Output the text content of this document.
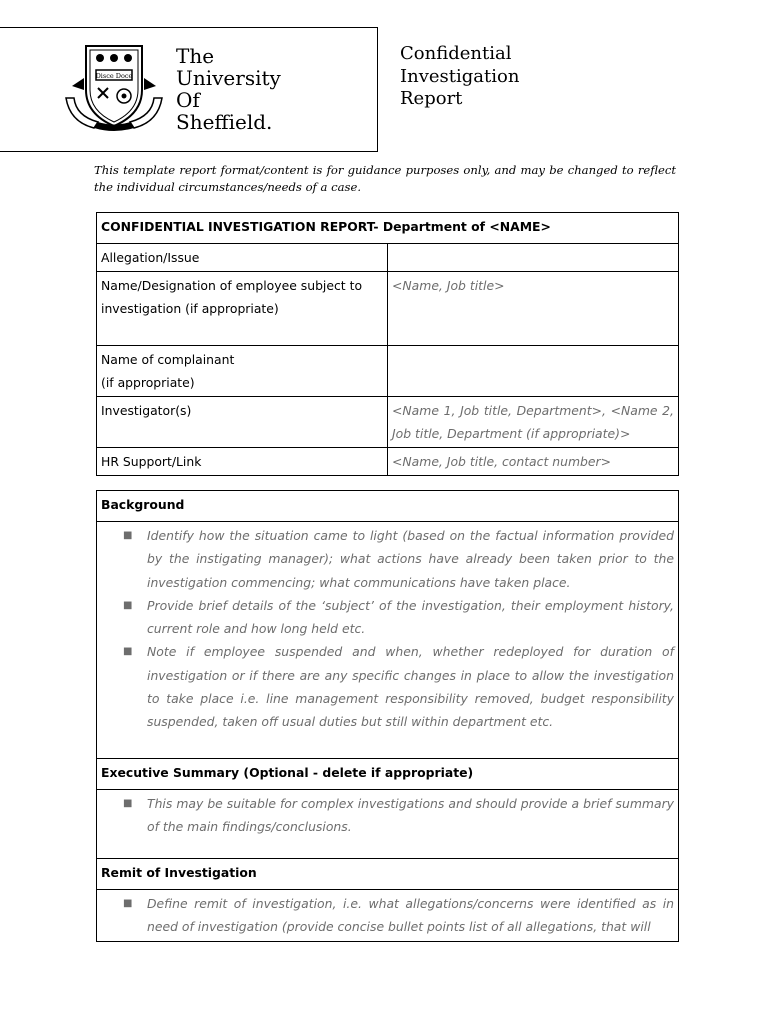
Disce Doce
The
University
Of
Sheffield.
Confidential
Investigation
Report
This template report format/content is for guidance purposes only, and may be changed to reflect the individual circumstances/needs of a case.
CONFIDENTIAL INVESTIGATION REPORT- Department of <NAME>	
Allegation/Issue	
Name/Designation of employee subject to investigation (if appropriate)	<Name, Job title>
Name of complainant
(if appropriate)	
Investigator(s)	<Name 1, Job title, Department>, <Name 2, Job title, Department (if appropriate)>
HR Support/Link	<Name, Job title, contact number>
Background

■ Identify how the situation came to light (based on the factual information provided by the instigating manager); what actions have already been taken prior to the investigation commencing; what communications have taken place.
■ Provide brief details of the ‘subject’ of the investigation, their employment history, current role and how long held etc.
■ Note if employee suspended and when, whether redeployed for duration of investigation or if there are any specific changes in place to allow the investigation to take place i.e. line management responsibility removed, budget responsibility suspended, taken off usual duties but still within department etc.

Executive Summary (Optional - delete if appropriate)

■ This may be suitable for complex investigations and should provide a brief summary of the main findings/conclusions.

Remit of Investigation

■ Define remit of investigation, i.e. what allegations/concerns were identified as in need of investigation (provide concise bullet points list of all allegations, that will
